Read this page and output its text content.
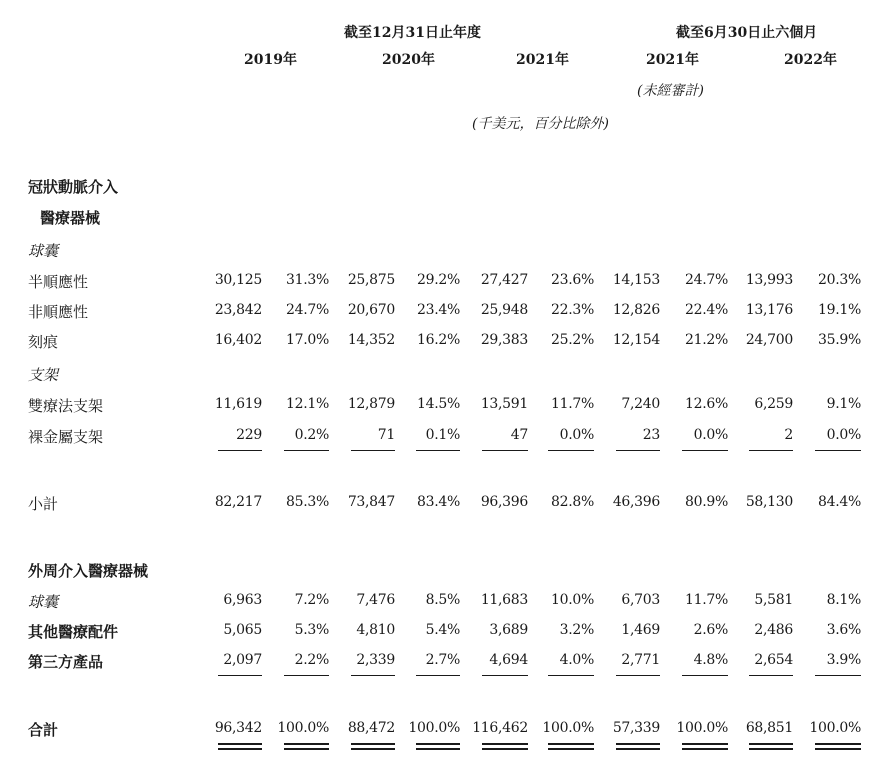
截至12月31日止年度	截至6月30日止六個月
2019年	2020年	2021年	2021年	2022年
(未經審計)
(千美元，百分比除外)
冠狀動脈介入
醫療器械
球囊
半順應性	30,125 31.3% 25,875 29.2% 27,427 23.6% 14,153 24.7% 13,993 20.3%
非順應性	23,842 24.7% 20,670 23.4% 25,948 22.3% 12,826 22.4% 13,176 19.1%
刻痕	16,402 17.0% 14,352 16.2% 29,383 25.2% 12,154 21.2% 24,700 35.9%
支架
雙療法支架	11,619 12.1% 12,879 14.5% 13,591 11.7% 7,240 12.6% 6,259 9.1%
裸金屬支架	229 0.2%	71 0.1%	47 0.0%	23 0.0%	2 0.0%
小計	82,217 85.3% 73,847 83.4% 96,396 82.8% 46,396 80.9% 58,130 84.4%
外周介入醫療器械
球囊	6,963 7.2% 7,476 8.5% 11,683 10.0% 6,703 11.7% 5,581 8.1%
其他醫療配件	5,065 5.3% 4,810 5.4% 3,689 3.2% 1,469 2.6% 2,486 3.6%
第三方產品	2,097 2.2% 2,339 2.7% 4,694 4.0% 2,771 4.8% 2,654 3.9%
合計	96,342 100.0% 88,472 100.0% 116,462 100.0% 57,339 100.0% 68,851 100.0%
